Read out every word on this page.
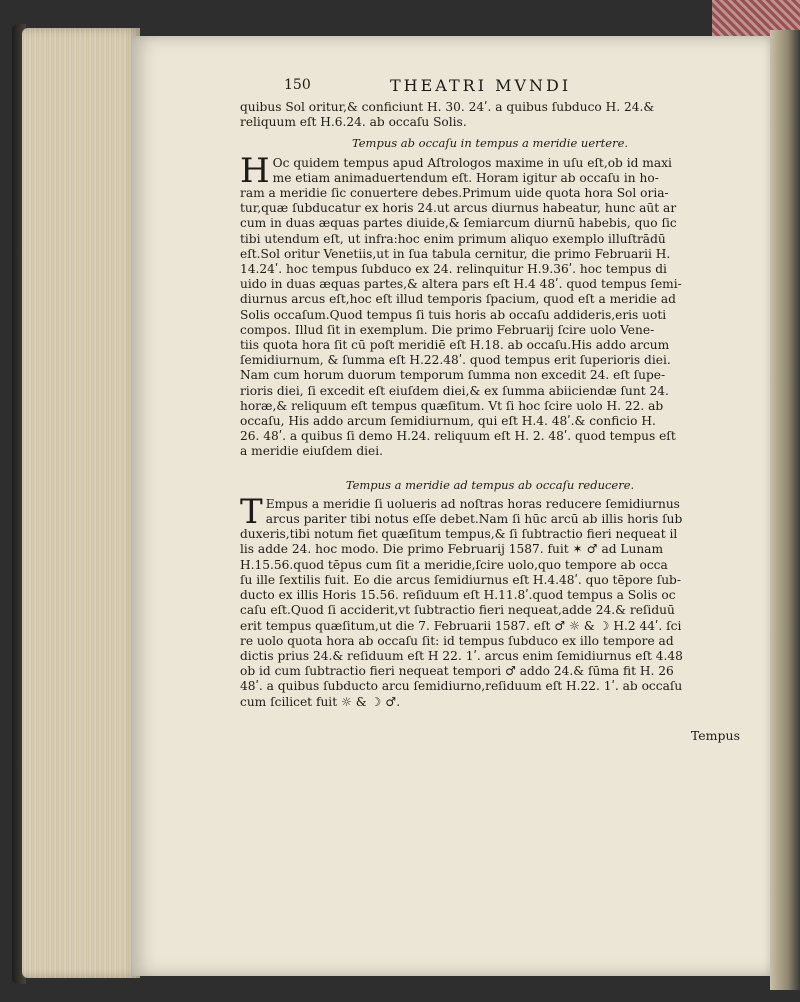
150	THEATRI MVNDI

quibus Sol oritur,& conficiunt H. 30. 24ʹ. a quibus ſubduco H. 24.&
reliquum eſt H.6.24. ab occaſu Solis.

Tempus ab occaſu in tempus a meridie uertere.

H Oc quidem tempus apud Aſtrologos maxime in uſu eſt,ob id maxi
me etiam animaduertendum eſt. Horam igitur ab occaſu in ho-
ram a meridie ſic conuertere debes.Primum uide quota hora Sol oria-
tur,quæ ſubducatur ex horis 24.ut arcus diurnus habeatur, hunc aūt ar
cum in duas æquas partes diuide,& ſemiarcum diurnū habebis, quo ſic
tibi utendum eſt, ut infra:hoc enim primum aliquo exemplo illuſtrādū
eſt.Sol oritur Venetiis,ut in ſua tabula cernitur, die primo Februarii H.
14.24ʹ. hoc tempus ſubduco ex 24. relinquitur H.9.36ʹ. hoc tempus di
uido in duas æquas partes,& altera pars eſt H.4 48ʹ. quod tempus ſemi-
diurnus arcus eſt,hoc eſt illud temporis ſpacium, quod eſt a meridie ad
Solis occaſum.Quod tempus ſi tuis horis ab occaſu addideris,eris uoti
compos. Illud ſit in exemplum. Die primo Februarij ſcire uolo Vene-
tiis quota hora ſit cū poſt meridiē eſt H.18. ab occaſu.His addo arcum
ſemidiurnum, & ſumma eſt H.22.48ʹ. quod tempus erit ſuperioris diei.
Nam cum horum duorum temporum ſumma non excedit 24. eſt ſupe-
rioris diei, ſi excedit eſt eiuſdem diei,& ex ſumma abiiciendæ ſunt 24.
horæ,& reliquum eſt tempus quæſitum. Vt ſi hoc ſcire uolo H. 22. ab
occaſu, His addo arcum ſemidiurnum, qui eſt H.4. 48ʹ.& conficio H.
26. 48ʹ. a quibus ſi demo H.24. reliquum eſt H. 2. 48ʹ. quod tempus eſt
a meridie eiuſdem diei.

Tempus a meridie ad tempus ab occaſu reducere.

T Empus a meridie ſi uolueris ad noſtras horas reducere ſemidiurnus
arcus pariter tibi notus eſſe debet.Nam ſi hūc arcū ab illis horis ſub
duxeris,tibi notum fiet quæſitum tempus,& ſi ſubtractio fieri nequeat il
lis adde 24. hoc modo. Die primo Februarij 1587. fuit ✶ ♂ ad Lunam
H.15.56.quod tēpus cum ſit a meridie,ſcire uolo,quo tempore ab occa
ſu ille ſextilis fuit. Eo die arcus ſemidiurnus eſt H.4.48ʹ. quo tēpore ſub-
ducto ex illis Horis 15.56. reſiduum eſt H.11.8ʹ.quod tempus a Solis oc
caſu eſt.Quod ſi acciderit,vt ſubtractio fieri nequeat,adde 24.& reſiduū
erit tempus quæſitum,ut die 7. Februarii 1587. eſt ♂ ☼ & ☽ H.2 44ʹ. ſci
re uolo quota hora ab occaſu ſit: id tempus ſubduco ex illo tempore ad
dictis prius 24.& reſiduum eſt H 22. 1ʹ. arcus enim ſemidiurnus eſt 4.48
ob id cum ſubtractio fieri nequeat tempori ♂ addo 24.& ſūma fit H. 26
48ʹ. a quibus ſubducto arcu ſemidiurno,reſiduum eſt H.22. 1ʹ. ab occaſu
cum ſcilicet fuit ☼ & ☽ ♂.

Tempus
